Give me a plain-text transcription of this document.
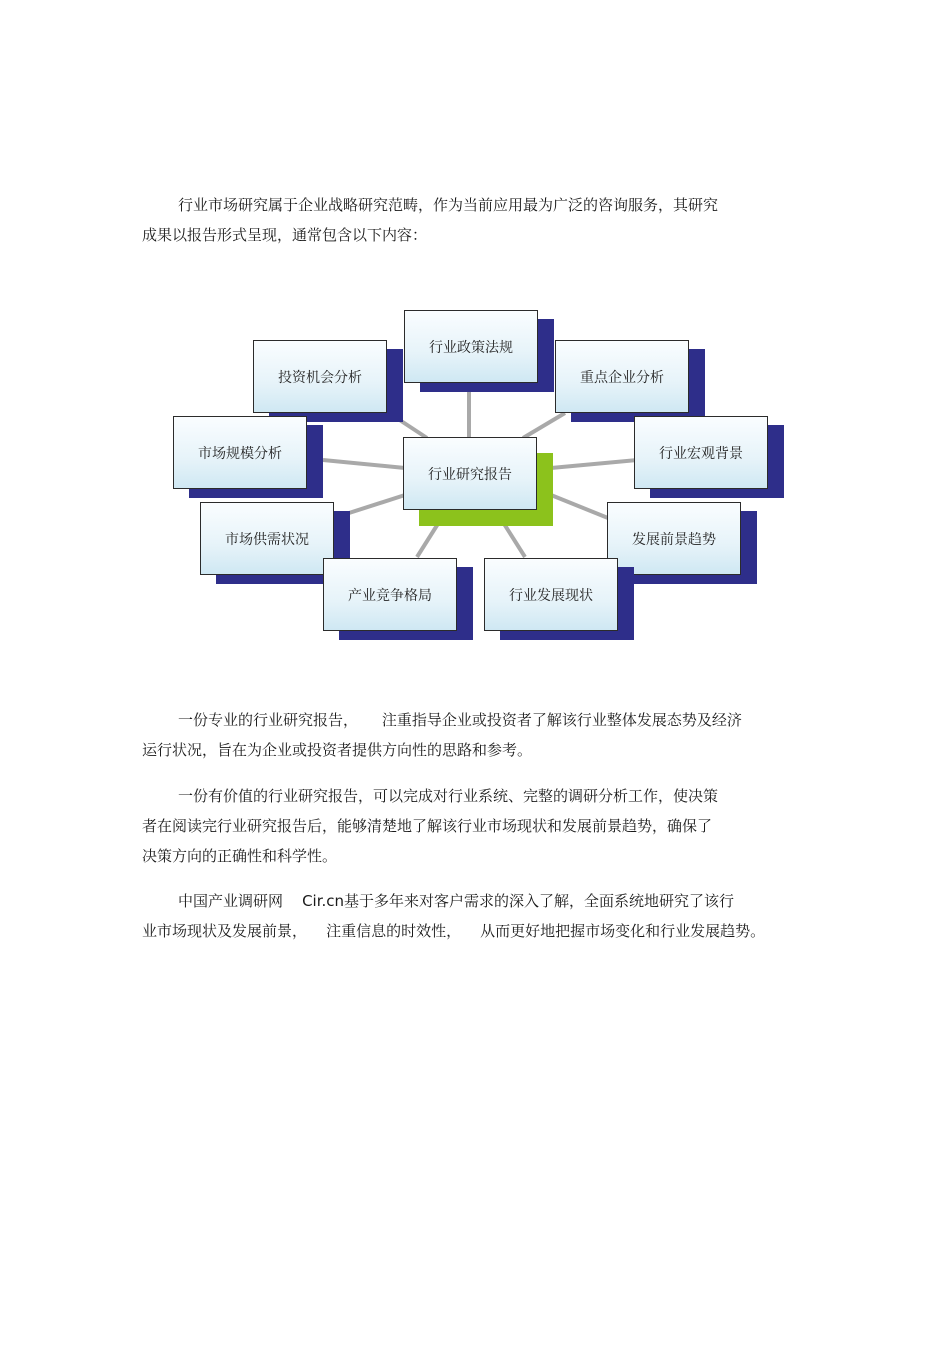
行业市场研究属于企业战略研究范畴，作为当前应用最为广泛的咨询服务，其研究
成果以报告形式呈现，通常包含以下内容：

行业政策法规
投资机会分析	重点企业分析
市场规模分析
行业研究报告
行业宏观背景
市场供需状况	发展前景趋势
产业竞争格局	行业发展现状

一份专业的行业研究报告，     注重指导企业或投资者了解该行业整体发展态势及经济
运行状况，旨在为企业或投资者提供方向性的思路和参考。

一份有价值的行业研究报告，可以完成对行业系统、完整的调研分析工作，使决策
者在阅读完行业研究报告后，能够清楚地了解该行业市场现状和发展前景趋势，确保了
决策方向的正确性和科学性。

中国产业调研网    Cir.cn基于多年来对客户需求的深入了解，全面系统地研究了该行
业市场现状及发展前景，    注重信息的时效性，    从而更好地把握市场变化和行业发展趋势。
